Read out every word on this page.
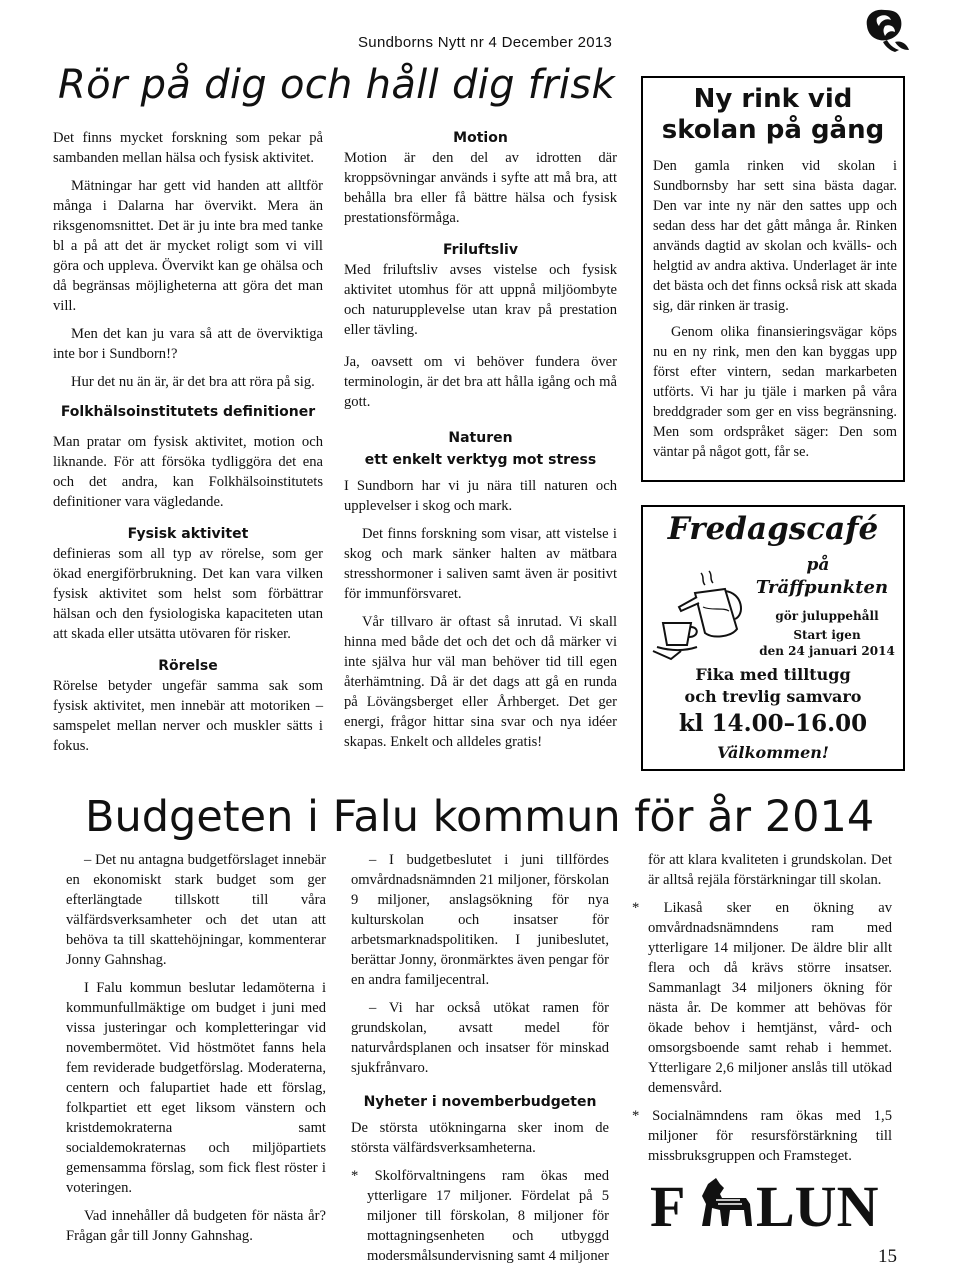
Sundborns Nytt nr 4 December 2013
Rör på dig och håll dig frisk

Det finns mycket forskning som pekar på sambanden mellan hälsa och fysisk aktivitet.

Mätningar har gett vid handen att alltför många i Dalarna har övervikt. Mera än riksgenomsnittet. Det är ju inte bra med tanke bl a på att det är mycket roligt som vi vill göra och uppleva. Övervikt kan ge ohälsa och då begränsas möjligheterna att göra det man vill.

Men det kan ju vara så att de överviktiga inte bor i Sundborn!?

Hur det nu än är, är det bra att röra på sig.

Folkhälsoinstitutets definitioner

Man pratar om fysisk aktivitet, motion och liknande. För att försöka tydliggöra det ena och det andra, kan Folkhälsoinstitutets definitioner vara vägledande.

Fysisk aktivitet

definieras som all typ av rörelse, som ger ökad energiförbrukning. Det kan vara vilken fysisk aktivitet som helst som förbättrar hälsan och den fysiologiska kapaciteten utan att skada eller utsätta utövaren för risker.

Rörelse

Rörelse betyder ungefär samma sak som fysisk aktivitet, men innebär att motoriken – samspelet mellan nerver och muskler sätts i fokus.

Motion

Motion är den del av idrotten där kroppsövningar används i syfte att må bra, att behålla bra eller få bättre hälsa och fysisk prestationsförmåga.

Friluftsliv

Med friluftsliv avses vistelse och fysisk aktivitet utomhus för att uppnå miljöombyte och naturupplevelse utan krav på prestation eller tävling.

Ja, oavsett om vi behöver fundera över terminologin, är det bra att hålla igång och må gott.

Naturen

ett enkelt verktyg mot stress

I Sundborn har vi ju nära till naturen och upplevelser i skog och mark.

Det finns forskning som visar, att vistelse i skog och mark sänker halten av mätbara stresshormoner i saliven samt även är positivt för immunförsvaret.

Vår tillvaro är oftast så inrutad. Vi skall hinna med både det och det och då märker vi inte själva hur väl man behöver tid till egen återhämtning. Då är det dags att gå en runda på Lövängsberget eller Århberget. Det ger energi, frågor hittar sina svar och nya idéer skapas. Enkelt och alldeles gratis!

Ny rink vid
skolan på gång

Den gamla rinken vid skolan i Sundbornsby har sett sina bästa dagar. Den var inte ny när den sattes upp och sedan dess har det gått många år. Rinken används dagtid av skolan och kvälls- och helgtid av andra aktiva. Underlaget är inte det bästa och det finns också risk att skada sig, där rinken är trasig.

Genom olika finansieringsvägar köps nu en ny rink, men den kan byggas upp först efter vintern, sedan markarbeten utförts. Vi har ju tjäle i marken på våra breddgrader som ger en viss begränsning. Men som ordspråket säger: Den som väntar på något gott, får se.

Fredagscafé

på

Träffpunkten

gör juluppehåll

Start igen

den 24 januari 2014

Fika med tilltugg

och trevlig samvaro

kl 14.00–16.00

Välkommen!

Budgeten i Falu kommun för år 2014

– Det nu antagna budgetförslaget innebär en ekonomiskt stark budget som ger efterlängtade tillskott till våra välfärdsverksamheter och det utan att behöva ta till skattehöjningar, kommenterar Jonny Gahnshag.

I Falu kommun beslutar ledamöterna i kommunfullmäktige om budget i juni med vissa justeringar och kompletteringar vid novembermötet. Vid höstmötet fanns hela fem reviderade budgetförslag. Moderaterna, centern och falupartiet hade ett förslag, folkpartiet ett eget liksom vänstern och kristdemokraterna samt socialdemokraternas och miljöpartiets gemensamma förslag, som fick flest röster i voteringen.

Vad innehåller då budgeten för nästa år? Frågan går till Jonny Gahnshag.

– I budgetbeslutet i juni tillfördes omvårdnadsnämnden 21 miljoner, förskolan 9 miljoner, anslagsökning för nya kulturskolan och insatser för arbetsmarknadspolitiken. I junibeslutet, berättar Jonny, öronmärktes även pengar för en andra familjecentral.

– Vi har också utökat ramen för grundskolan, avsatt medel för naturvårdsplanen och insatser för minskad sjukfrånvaro.

Nyheter i novemberbudgeten

De största utökningarna sker inom de största välfärdsverksamheterna.

* Skolförvaltningens ram ökas med ytterligare 17 miljoner. Fördelat på 5 miljoner till förskolan, 8 miljoner för mottagningsenheten och utbyggd modersmålsundervisning samt 4 miljoner

för att klara kvaliteten i grundskolan. Det är alltså rejäla förstärkningar till skolan.

* Likaså sker en ökning av omvårdnadsnämndens ram med ytterligare 14 miljoner. De äldre blir allt flera och då krävs större insatser. Sammanlagt 34 miljoners ökning för nästa år. De kommer att behövas för ökade behov i hemtjänst, vård- och omsorgsboende samt rehab i hemmet. Ytterligare 2,6 miljoner anslås till utökad demensvård.

* Socialnämndens ram ökas med 1,5 miljoner för resursförstärkning till missbruksgruppen och Framsteget.

F LUN
15
